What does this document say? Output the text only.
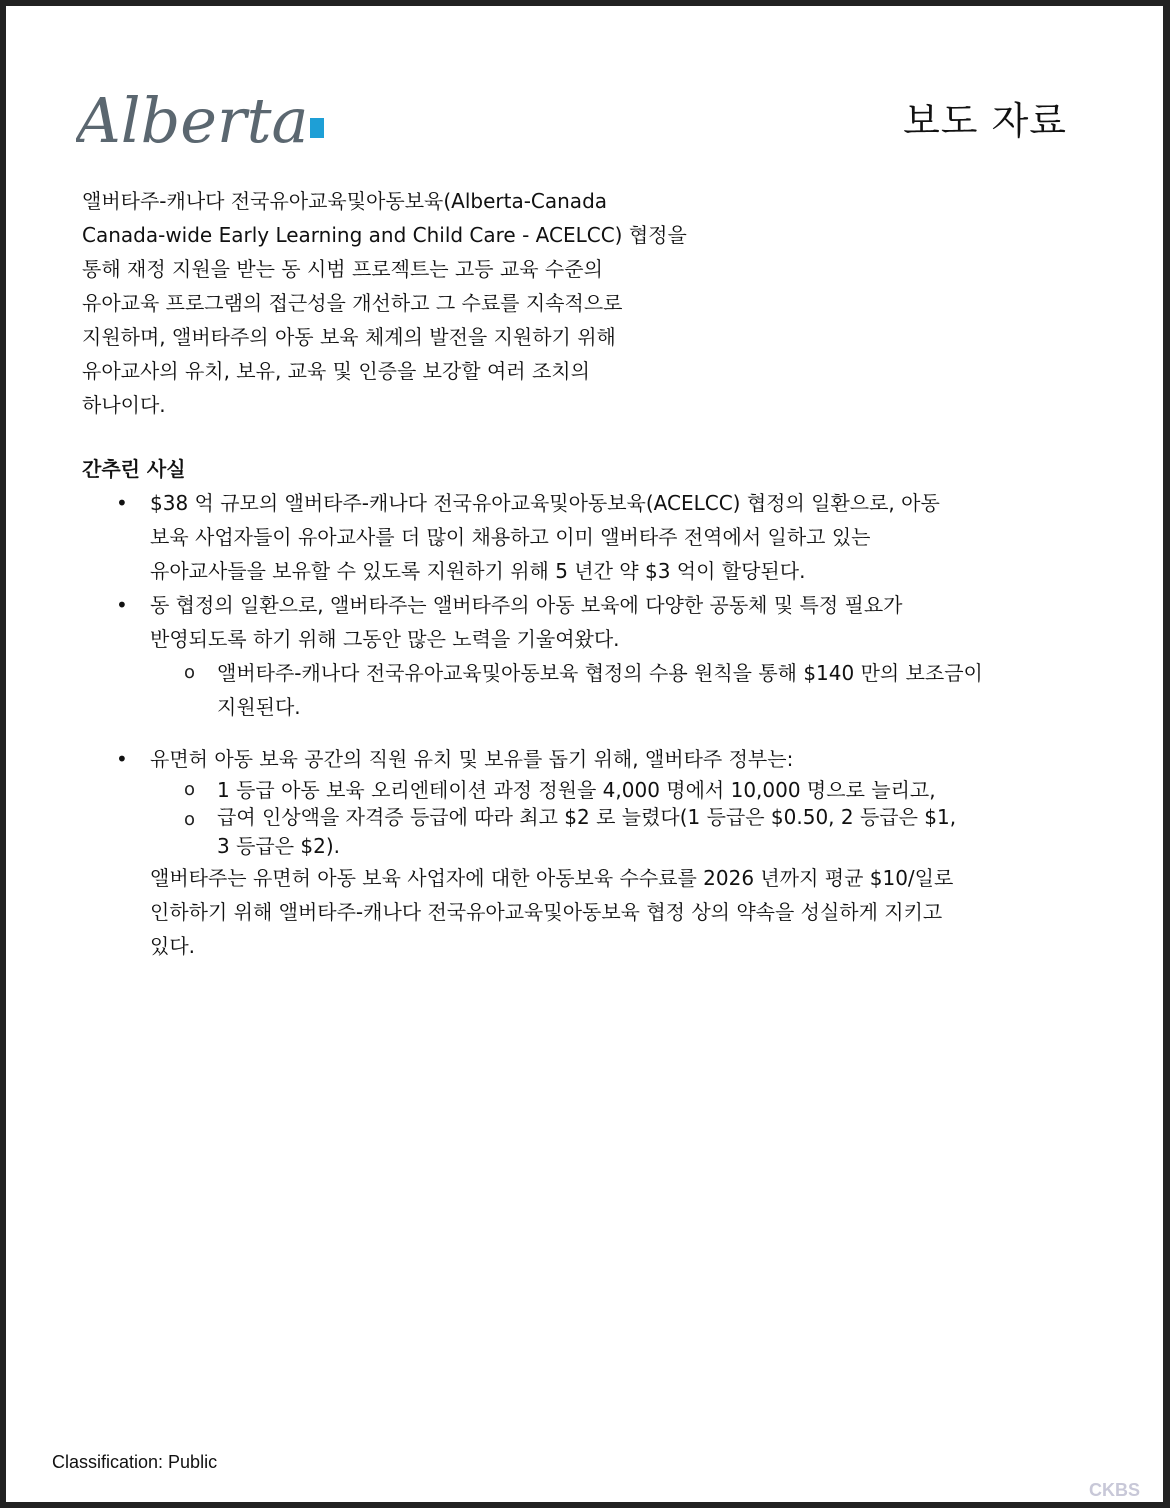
Alberta	보도 자료
앨버타주-캐나다 전국유아교육및아동보육(Alberta-Canada
Canada-wide Early Learning and Child Care - ACELCC) 협정을
통해 재정 지원을 받는 동 시범 프로젝트는 고등 교육 수준의
유아교육 프로그램의 접근성을 개선하고 그 수료를 지속적으로
지원하며, 앨버타주의 아동 보육 체계의 발전을 지원하기 위해
유아교사의 유치, 보유, 교육 및 인증을 보강할 여러 조치의
하나이다.
간추린 사실
•
$38 억 규모의 앨버타주-캐나다 전국유아교육및아동보육(ACELCC) 협정의 일환으로, 아동
보육 사업자들이 유아교사를 더 많이 채용하고 이미 앨버타주 전역에서 일하고 있는
유아교사들을 보유할 수 있도록 지원하기 위해 5 년간 약 $3 억이 할당된다.
•
동 협정의 일환으로, 앨버타주는 앨버타주의 아동 보육에 다양한 공동체 및 특정 필요가
반영되도록 하기 위해 그동안 많은 노력을 기울여왔다.
o
앨버타주-캐나다 전국유아교육및아동보육 협정의 수용 원칙을 통해 $140 만의 보조금이
지원된다.
•
유면허 아동 보육 공간의 직원 유치 및 보유를 돕기 위해, 앨버타주 정부는:
o
1 등급 아동 보육 오리엔테이션 과정 정원을 4,000 명에서 10,000 명으로 늘리고,
o
급여 인상액을 자격증 등급에 따라 최고 $2 로 늘렸다(1 등급은 $0.50, 2 등급은 $1,
3 등급은 $2).
앨버타주는 유면허 아동 보육 사업자에 대한 아동보육 수수료를 2026 년까지 평균 $10/일로
인하하기 위해 앨버타주-캐나다 전국유아교육및아동보육 협정 상의 약속을 성실하게 지키고
있다.
Classification: Public
CKBS
